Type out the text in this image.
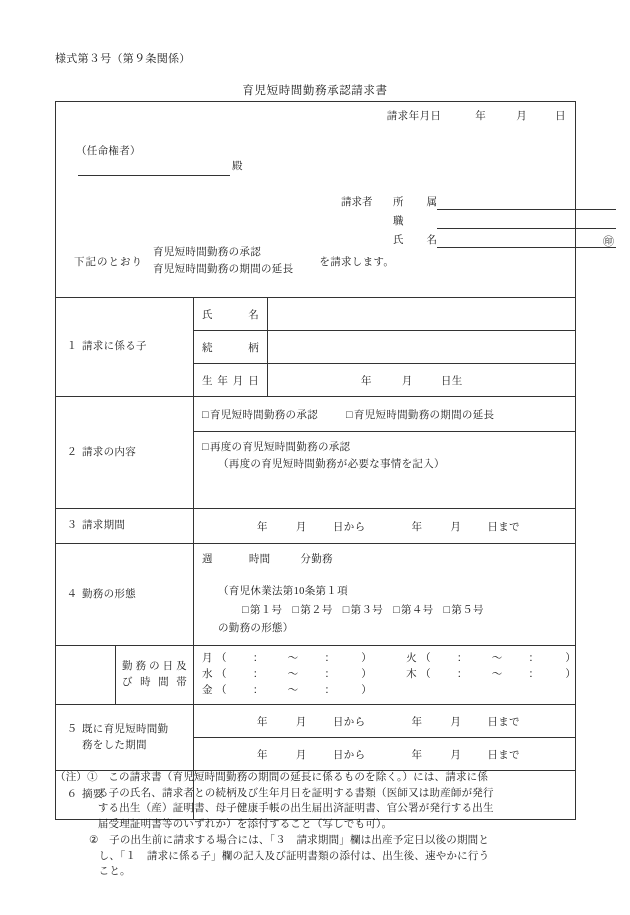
様式第３号（第９条関係）
育児短時間勤務承認請求書
請求年月日	年	月	日
（任命権者）
殿
請求者	所属
職
氏名	㊞
下記のとおり
育児短時間勤務の承認
育児短時間勤務の期間の延長
を請求します。

１ 請求に係る子		氏　　　名	
		続　　　柄	
		生年月日	年 月 日生
２ 請求の内容		□育児短時間勤務の承認 □育児短時間勤務の期間の延長	
		□再度の育児短時間勤務の承認
（再度の育児短時間勤務が必要な事情を記入）	

３ 請求期間		年 月 日から 年 月 日まで	
４ 勤務の形態		週 時間 分勤務
（育児休業法第10条第１項
□第１号 □第２号 □第３号 □第４号 □第５号
の勤務の形態）	

勤務の日及
び時間帯

月 （ ： 〜 ： ）	火 （ ： 〜 ： ）
水 （ ： 〜 ： ）	木 （ ： 〜 ： ）
金 （ ： 〜 ： ）

５ 既に育児短時間勤
務をした期間		年 月 日から 年 月 日まで	
		年 月 日から 年 月 日まで	
６ 摘要			
（注）①	この請求書（育児短時間勤務の期間の延長に係るものを除く。）には、請求に係

る子の氏名、請求者との続柄及び生年月日を証明する書類（医師又は助産師が発行

する出生（産）証明書、母子健康手帳の出生届出済証明書、官公署が発行する出生

届受理証明書等のいずれか）を添付すること（写しでも可）。

②	子の出生前に請求する場合には、「３　請求期間」欄は出産予定日以後の期間と

し、「１　請求に係る子」欄の記入及び証明書類の添付は、出生後、速やかに行う

こと。
